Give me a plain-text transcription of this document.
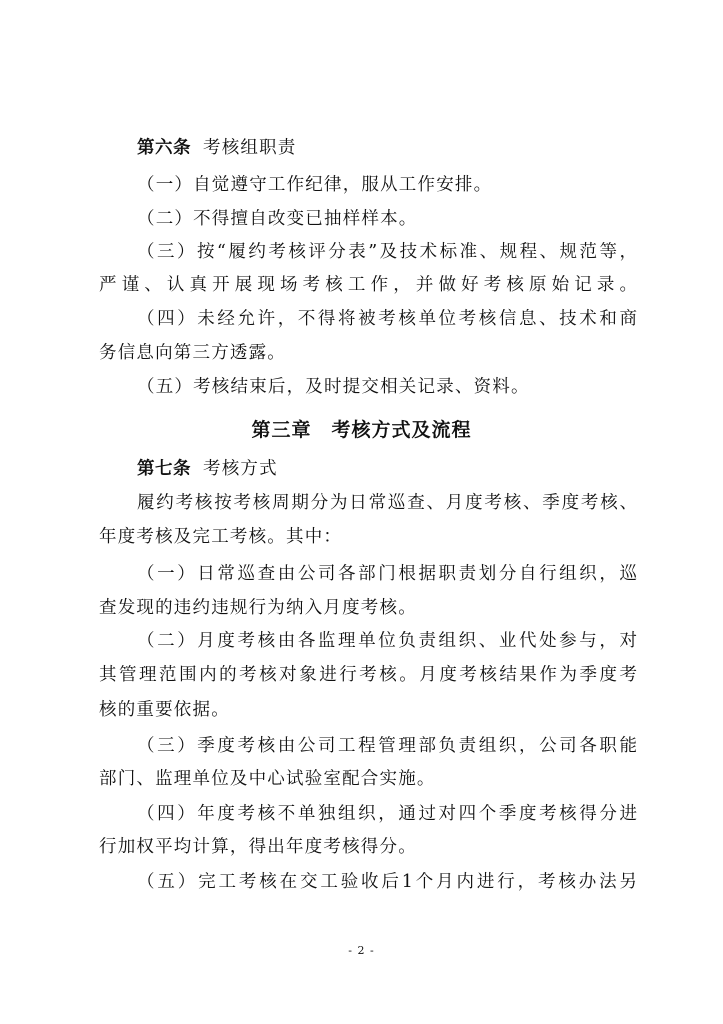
第六条 考核组职责
（一）自觉遵守工作纪律，服从工作安排。
（二）不得擅自改变已抽样样本。
（三）按“履约考核评分表”及技术标准、规程、规范等，
严谨、认真开展现场考核工作，并做好考核原始记录。
（四）未经允许，不得将被考核单位考核信息、技术和商
务信息向第三方透露。
（五）考核结束后，及时提交相关记录、资料。
第三章　考核方式及流程
第七条 考核方式
履约考核按考核周期分为日常巡查、月度考核、季度考核、
年度考核及完工考核。其中：
（一）日常巡查由公司各部门根据职责划分自行组织，巡
查发现的违约违规行为纳入月度考核。
（二）月度考核由各监理单位负责组织、业代处参与，对
其管理范围内的考核对象进行考核。月度考核结果作为季度考
核的重要依据。
（三）季度考核由公司工程管理部负责组织，公司各职能
部门、监理单位及中心试验室配合实施。
（四）年度考核不单独组织，通过对四个季度考核得分进
行加权平均计算，得出年度考核得分。
（五）完工考核在交工验收后1个月内进行，考核办法另
- 2 -
